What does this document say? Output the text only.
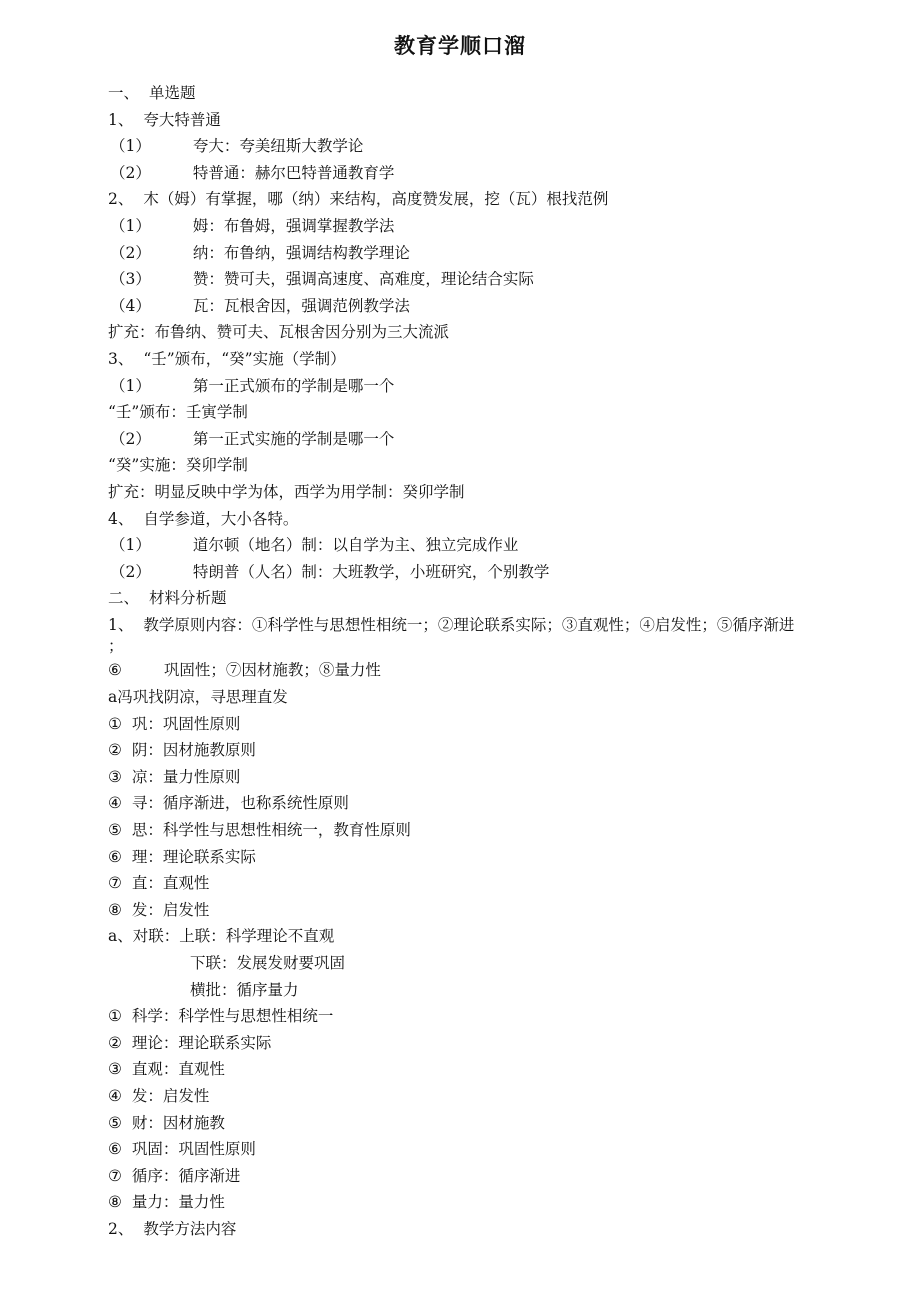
教育学顺口溜
一、 单选题
1、 夸大特普通
（1）	夸大：夸美纽斯大教学论
（2）	特普通：赫尔巴特普通教育学
2、 木（姆）有掌握，哪（纳）来结构，高度赞发展，挖（瓦）根找范例
（1）	姆：布鲁姆，强调掌握教学法
（2）	纳：布鲁纳，强调结构教学理论
（3）	赞：赞可夫，强调高速度、高难度，理论结合实际
（4）	瓦：瓦根舍因，强调范例教学法
扩充：布鲁纳、赞可夫、瓦根舍因分别为三大流派
3、 “壬”颁布，“癸”实施（学制）
（1）	第一正式颁布的学制是哪一个
“壬”颁布：壬寅学制
（2）	第一正式实施的学制是哪一个
“癸”实施：癸卯学制
扩充：明显反映中学为体，西学为用学制：癸卯学制
4、 自学参道，大小各特。
（1）	道尔顿（地名）制：以自学为主、独立完成作业
（2）	特朗普（人名）制：大班教学，小班研究，个别教学
二、 材料分析题
1、 教学原则内容：①科学性与思想性相统一；②理论联系实际；③直观性；④启发性；⑤循序渐进
；
⑥	巩固性；⑦因材施教；⑧量力性
a冯巩找阴凉，寻思理直发
① 巩：巩固性原则
② 阴：因材施教原则
③ 凉：量力性原则
④ 寻：循序渐进，也称系统性原则
⑤ 思：科学性与思想性相统一，教育性原则
⑥ 理：理论联系实际
⑦ 直：直观性
⑧ 发：启发性
a、对联：上联：科学理论不直观
下联：发展发财要巩固
横批：循序量力
① 科学：科学性与思想性相统一
② 理论：理论联系实际
③ 直观：直观性
④ 发：启发性
⑤ 财：因材施教
⑥ 巩固：巩固性原则
⑦ 循序：循序渐进
⑧ 量力：量力性
2、 教学方法内容
